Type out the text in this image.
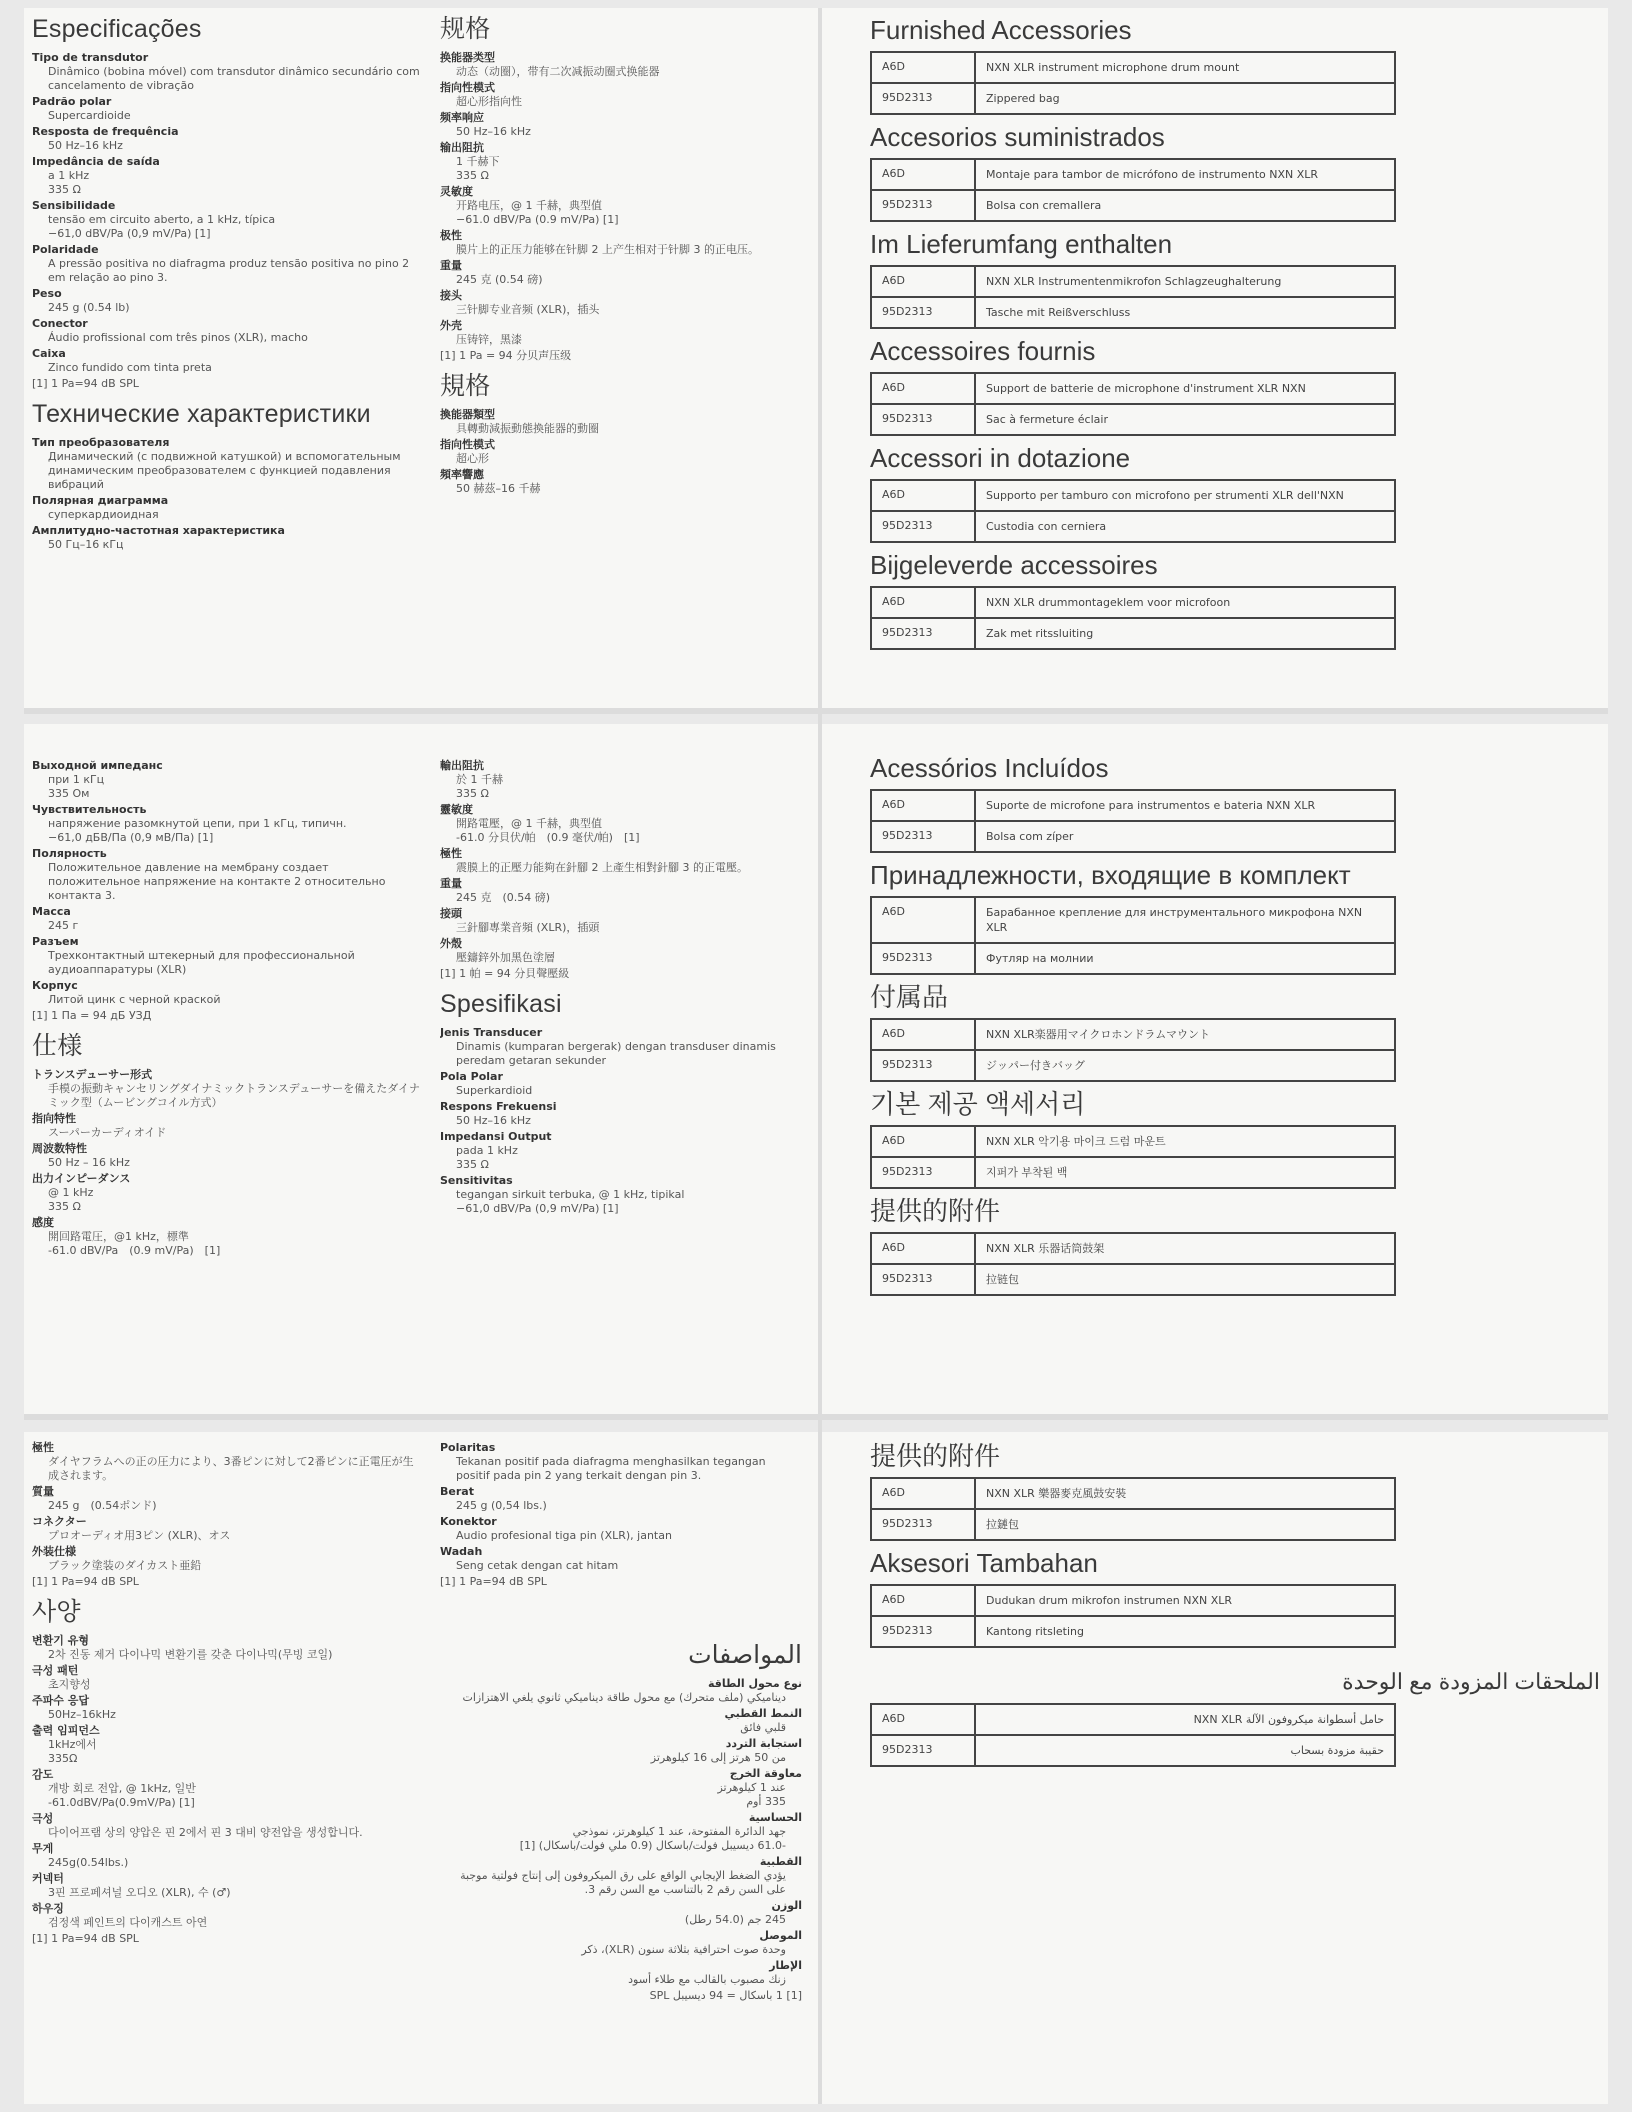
Especificações
Tipo de transdutor
Dinâmico (bobina móvel) com transdutor dinâmico secundário com cancelamento de vibração
Padrão polar
Supercardioide
Resposta de frequência
50 Hz–16 kHz
Impedância de saída
a 1 kHz
335 Ω
Sensibilidade
tensão em circuito aberto, a 1 kHz, típica
−61,0 dBV/Pa (0,9 mV/Pa) [1]
Polaridade
A pressão positiva no diafragma produz tensão positiva no pino 2 em relação ao pino 3.
Peso
245 g (0.54 lb)
Conector
Áudio profissional com três pinos (XLR), macho
Caixa
Zinco fundido com tinta preta
[1] 1 Pa=94 dB SPL
Технические характеристики
Тип преобразователя
Динамический (с подвижной катушкой) и вспомогательным динамическим преобразователем с функцией подавления вибраций
Полярная диаграмма
суперкардиоидная
Амплитудно-частотная характеристика
50 Гц–16 кГц
规格
换能器类型
动态（动圈），带有二次减振动圈式换能器
指向性模式
超心形指向性
频率响应
50 Hz–16 kHz
输出阻抗
1 千赫下
335 Ω
灵敏度
开路电压，@ 1 千赫，典型值
−61.0 dBV/Pa (0.9 mV/Pa) [1]
极性
膜片上的正压力能够在针脚 2 上产生相对于针脚 3 的正电压。
重量
245 克 (0.54 磅)
接头
三针脚专业音频 (XLR)，插头
外壳
压铸锌，黑漆
[1] 1 Pa = 94 分贝声压级
規格
換能器類型
具轉動減振動態換能器的動圈
指向性模式
超心形
頻率響應
50 赫茲–16 千赫
Выходной импеданс
при 1 кГц
335 Ом
Чувствительность
напряжение разомкнутой цепи, при 1 кГц, типичн.
−61,0 дБВ/Па (0,9 мВ/Па) [1]
Полярность
Положительное давление на мембрану создает положительное напряжение на контакте 2 относительно контакта 3.
Масса
245 г
Разъем
Трехконтактный штекерный для профессиональной аудиоаппаратуры (XLR)
Корпус
Литой цинк с черной краской
[1] 1 Па = 94 дБ УЗД
仕様
トランスデューサー形式
手模の振動キャンセリングダイナミックトランスデューサーを備えたダイナミック型（ムービングコイル方式）
指向特性
スーパーカーディオイド
周波数特性
50 Hz – 16 kHz
出力インピーダンス
@ 1 kHz
335 Ω
感度
開回路電圧，@1 kHz，標準
-61.0 dBV/Pa　(0.9 mV/Pa)　[1]
輸出阻抗
於 1 千赫
335 Ω
靈敏度
開路電壓，@ 1 千赫，典型值
-61.0 分貝伏/帕　(0.9 毫伏/帕)　[1]
極性
震膜上的正壓力能夠在針腳 2 上產生相對針腳 3 的正電壓。
重量
245 克　(0.54 磅)
接頭
三針腳專業音頻 (XLR)，插頭
外殼
壓鑄鋅外加黑色塗層
[1] 1 帕 = 94 分貝聲壓級
Spesifikasi
Jenis Transducer
Dinamis (kumparan bergerak) dengan transduser dinamis peredam getaran sekunder
Pola Polar
Superkardioid
Respons Frekuensi
50 Hz–16 kHz
Impedansi Output
pada 1 kHz
335 Ω
Sensitivitas
tegangan sirkuit terbuka, @ 1 kHz, tipikal
−61,0 dBV/Pa (0,9 mV/Pa) [1]
極性
ダイヤフラムへの正の圧力により、3番ピンに対して2番ピンに正電圧が生成されます。
質量
245 g　(0.54ポンド)
コネクター
プロオーディオ用3ピン (XLR)、オス
外装仕様
ブラック塗装のダイカスト亜鉛
[1] 1 Pa=94 dB SPL
사양
변환기 유형
2차 진동 제거 다이나믹 변환기를 갖춘 다이나믹(무빙 코일)
극성 패턴
초지향성
주파수 응답
50Hz–16kHz
출력 임피던스
1kHz에서
335Ω
감도
개방 회로 전압, @ 1kHz, 일반
-61.0dBV/Pa(0.9mV/Pa) [1]
극성
다이어프램 상의 양압은 핀 2에서 핀 3 대비 양전압을 생성합니다.
무게
245g(0.54lbs.)
커넥터
3핀 프로페셔널 오디오 (XLR), 수 (♂)
하우징
검정색 페인트의 다이캐스트 아연
[1] 1 Pa=94 dB SPL
Polaritas
Tekanan positif pada diafragma menghasilkan tegangan positif pada pin 2 yang terkait dengan pin 3.
Berat
245 g (0,54 lbs.)
Konektor
Audio profesional tiga pin (XLR), jantan
Wadah
Seng cetak dengan cat hitam
[1] 1 Pa=94 dB SPL
المواصفات
نوع محول الطاقة
ديناميكي (ملف متحرك) مع محول طاقة ديناميكي ثانوي يلغي الاهتزازات
النمط القطبي
قلبي فائق
استجابة التردد
من 50 هرتز إلى 16 كيلوهرتز
معاوقة الخرج
عند 1 كيلوهرتز
335 أوم
الحساسية
جهد الدائرة المفتوحة، عند 1 كيلوهرتز، نموذجي
-61.0 ديسيبل فولت/باسكال (0.9 ملي فولت/باسكال) [1]
القطبية
يؤدي الضغط الإيجابي الواقع على رق الميكروفون إلى إنتاج فولتية موجبة على السن رقم 2 بالتناسب مع السن رقم 3.
الوزن
245 جم (54.0 رطل)
الموصل
وحدة صوت احترافية بثلاثة سنون (XLR)، ذكر
الإطار
زنك مصبوب بالقالب مع طلاء أسود
[1] 1 باسكال = 94 ديسيبل SPL
Furnished Accessories
A6D	NXN XLR instrument microphone drum mount
95D2313	Zippered bag
Accesorios suministrados
A6D	Montaje para tambor de micrófono de instrumento NXN XLR
95D2313	Bolsa con cremallera
Im Lieferumfang enthalten
A6D	NXN XLR Instrumentenmikrofon Schlagzeughalterung
95D2313	Tasche mit Reißverschluss
Accessoires fournis
A6D	Support de batterie de microphone d'instrument XLR NXN
95D2313	Sac à fermeture éclair
Accessori in dotazione
A6D	Supporto per tamburo con microfono per strumenti XLR dell'NXN
95D2313	Custodia con cerniera
Bijgeleverde accessoires
A6D	NXN XLR drummontageklem voor microfoon
95D2313	Zak met ritssluiting
Acessórios Incluídos
A6D	Suporte de microfone para instrumentos e bateria NXN XLR
95D2313	Bolsa com zíper
Принадлежности, входящие в комплект
A6D	Барабанное крепление для инструментального микрофона NXN XLR
95D2313	Футляр на молнии
付属品
A6D	NXN XLR楽器用マイクロホンドラムマウント
95D2313	ジッパー付きバッグ
기본 제공 액세서리
A6D	NXN XLR 악기용 마이크 드럼 마운트
95D2313	지퍼가 부착된 백
提供的附件
A6D	NXN XLR 乐器话筒鼓架
95D2313	拉链包
提供的附件
A6D	NXN XLR 樂器麥克風鼓安裝
95D2313	拉鏈包
Aksesori Tambahan
A6D	Dudukan drum mikrofon instrumen NXN XLR
95D2313	Kantong ritsleting
الملحقات المزودة مع الوحدة
A6D	حامل أسطوانة ميكروفون الآلة NXN XLR
95D2313	حقيبة مزودة بسحاب
